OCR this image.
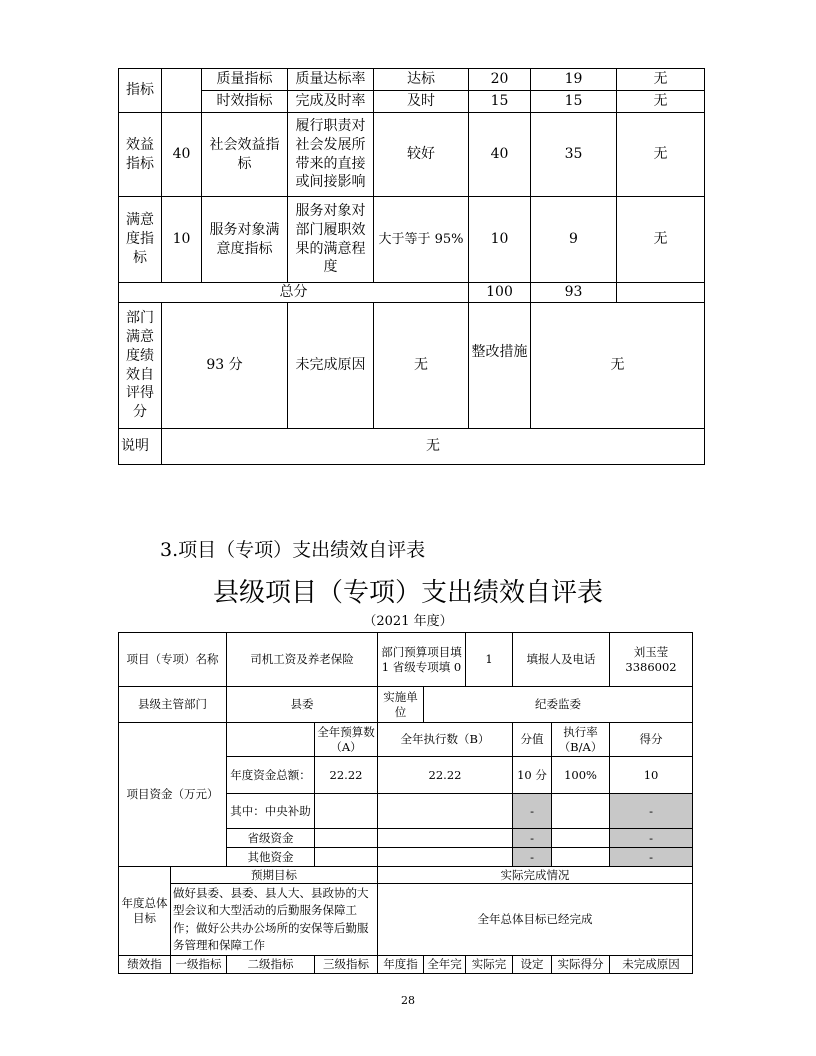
指标		质量指标	质量达标率	达标	20	19	无
		时效指标	完成及时率	及时	15	15	无
效益指标	40	社会效益指标	履行职责对社会发展所带来的直接或间接影响	较好	40	35	无
满意度指标	10	服务对象满意度指标	服务对象对部门履职效果的满意程度	大于等于 95%	10	9	无
总分					100	93	
部门满意度绩效自评得分	93 分		未完成原因	无	整改措施	无	
说明	无						
3.项目（专项）支出绩效自评表
县级项目（专项）支出绩效自评表
（2021 年度）
项目（专项）名称		司机工资及养老保险		部门预算项目填 1 省级专项填 0		1	填报人及电话		刘玉莹
3386002

县级主管部门		县委		实施单位	纪委监委				
项目资金（万元）			全年预算数（A）	全年执行数（B）			分值	执行率（B/A）	得分
		年度资金总额：	22.22	22.22			10 分	100%	10
		其中：中央补助					-		-
		省级资金					-		-
		其他资金					-		-
年度总体目标	预期目标			实际完成情况					
	做好县委、县委、县人大、县政协的大型会议和大型活动的后勤服务保障工作；做好公共办公场所的安保等后勤服务管理和保障工作			全年总体目标已经完成					
绩效指	一级指标	二级指标	三级指标	年度指	全年完	实际完	设定	实际得分	未完成原因
28
